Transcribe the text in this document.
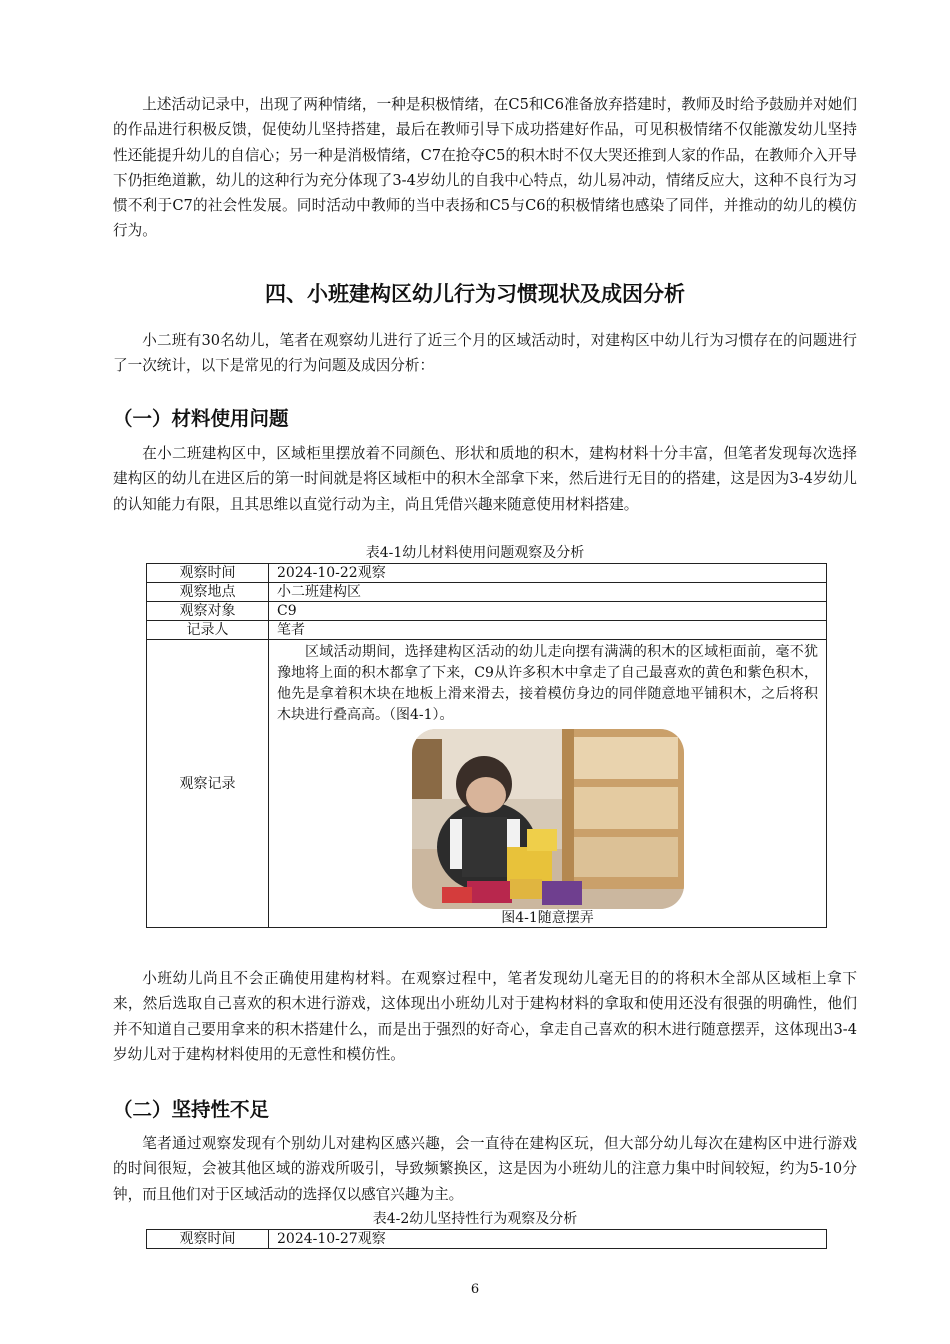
上述活动记录中，出现了两种情绪，一种是积极情绪，在C5和C6准备放弃搭建时，教师及时给予鼓励并对她们的作品进行积极反馈，促使幼儿坚持搭建，最后在教师引导下成功搭建好作品，可见积极情绪不仅能激发幼儿坚持性还能提升幼儿的自信心；另一种是消极情绪，C7在抢夺C5的积木时不仅大哭还推到人家的作品，在教师介入开导下仍拒绝道歉，幼儿的这种行为充分体现了3-4岁幼儿的自我中心特点，幼儿易冲动，情绪反应大，这种不良行为习惯不利于C7的社会性发展。同时活动中教师的当中表扬和C5与C6的积极情绪也感染了同伴，并推动的幼儿的模仿行为。

四、小班建构区幼儿行为习惯现状及成因分析

小二班有30名幼儿，笔者在观察幼儿进行了近三个月的区域活动时，对建构区中幼儿行为习惯存在的问题进行了一次统计，以下是常见的行为问题及成因分析：

（一）材料使用问题

在小二班建构区中，区域柜里摆放着不同颜色、形状和质地的积木，建构材料十分丰富，但笔者发现每次选择建构区的幼儿在进区后的第一时间就是将区域柜中的积木全部拿下来，然后进行无目的的搭建，这是因为3-4岁幼儿的认知能力有限，且其思维以直觉行动为主，尚且凭借兴趣来随意使用材料搭建。

表4-1幼儿材料使用问题观察及分析
观察时间	2024-10-22观察
观察地点	小二班建构区
观察对象	C9
记录人	笔者
观察记录	区域活动期间，选择建构区活动的幼儿走向摆有满满的积木的区域柜面前，毫不犹豫地将上面的积木都拿了下来，C9从许多积木中拿走了自己最喜欢的黄色和紫色积木，他先是拿着积木块在地板上滑来滑去，接着模仿身边的同伴随意地平铺积木，之后将积木块进行叠高高。（图4-1）。
图4-1随意摆弄

小班幼儿尚且不会正确使用建构材料。在观察过程中，笔者发现幼儿毫无目的的将积木全部从区域柜上拿下来，然后选取自己喜欢的积木进行游戏，这体现出小班幼儿对于建构材料的拿取和使用还没有很强的明确性，他们并不知道自己要用拿来的积木搭建什么，而是出于强烈的好奇心，拿走自己喜欢的积木进行随意摆弄，这体现出3-4岁幼儿对于建构材料使用的无意性和模仿性。

（二）坚持性不足

笔者通过观察发现有个别幼儿对建构区感兴趣，会一直待在建构区玩，但大部分幼儿每次在建构区中进行游戏的时间很短，会被其他区域的游戏所吸引，导致频繁换区，这是因为小班幼儿的注意力集中时间较短，约为5-10分钟，而且他们对于区域活动的选择仅以感官兴趣为主。

表4-2幼儿坚持性行为观察及分析
观察时间	2024-10-27观察
6
